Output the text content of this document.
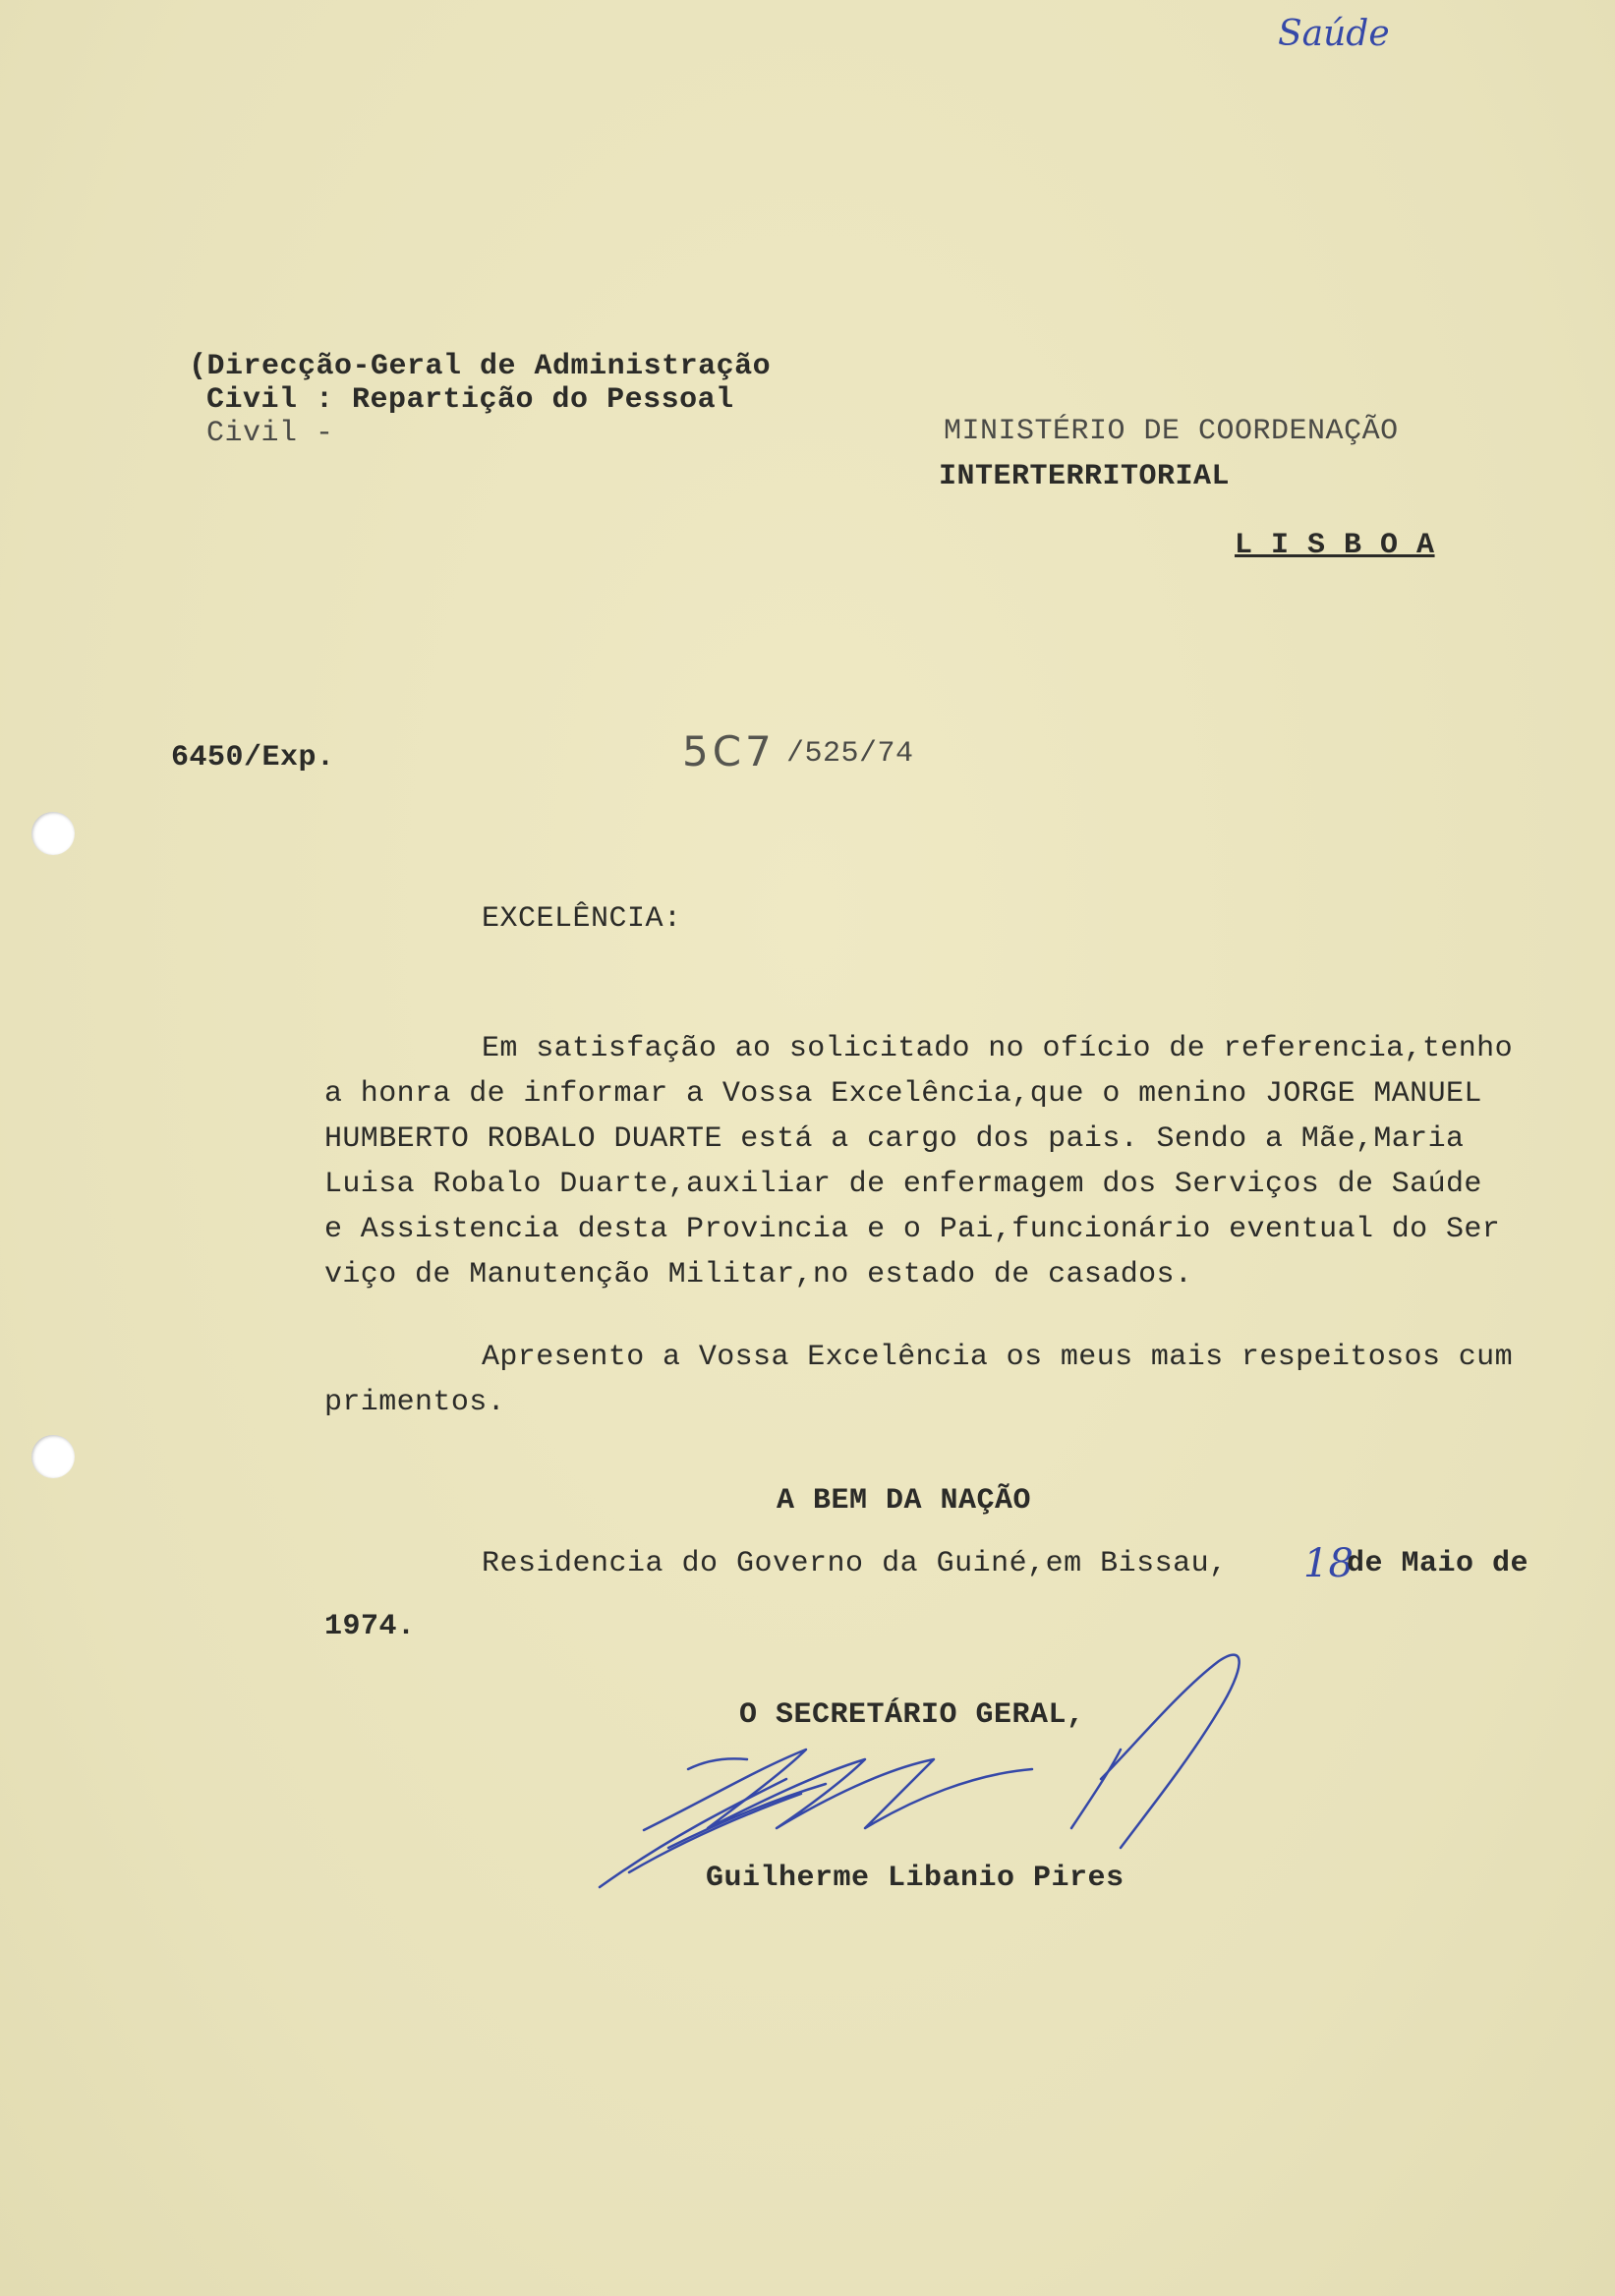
Saúde
(Direcção-Geral de Administração
Civil : Repartição do Pessoal
Civil -	MINISTÉRIO DE COORDENAÇÃO
INTERTERRITORIAL
L I S B O A
6450/Exp.	5C7 /525/74
EXCELÊNCIA:
Em satisfação ao solicitado no ofício de referencia,tenho
a honra de informar a Vossa Excelência,que o menino JORGE MANUEL
HUMBERTO ROBALO DUARTE está a cargo dos pais. Sendo a Mãe,Maria
Luisa Robalo Duarte,auxiliar de enfermagem dos Serviços de Saúde
e Assistencia desta Provincia e o Pai,funcionário eventual do Ser
viço de Manutenção Militar,no estado de casados.
Apresento a Vossa Excelência os meus mais respeitosos cum
primentos.
A BEM DA NAÇÃO
Residencia do Governo da Guiné,em Bissau, 18
de Maio de
1974.
O SECRETÁRIO GERAL,
Guilherme Libanio Pires
